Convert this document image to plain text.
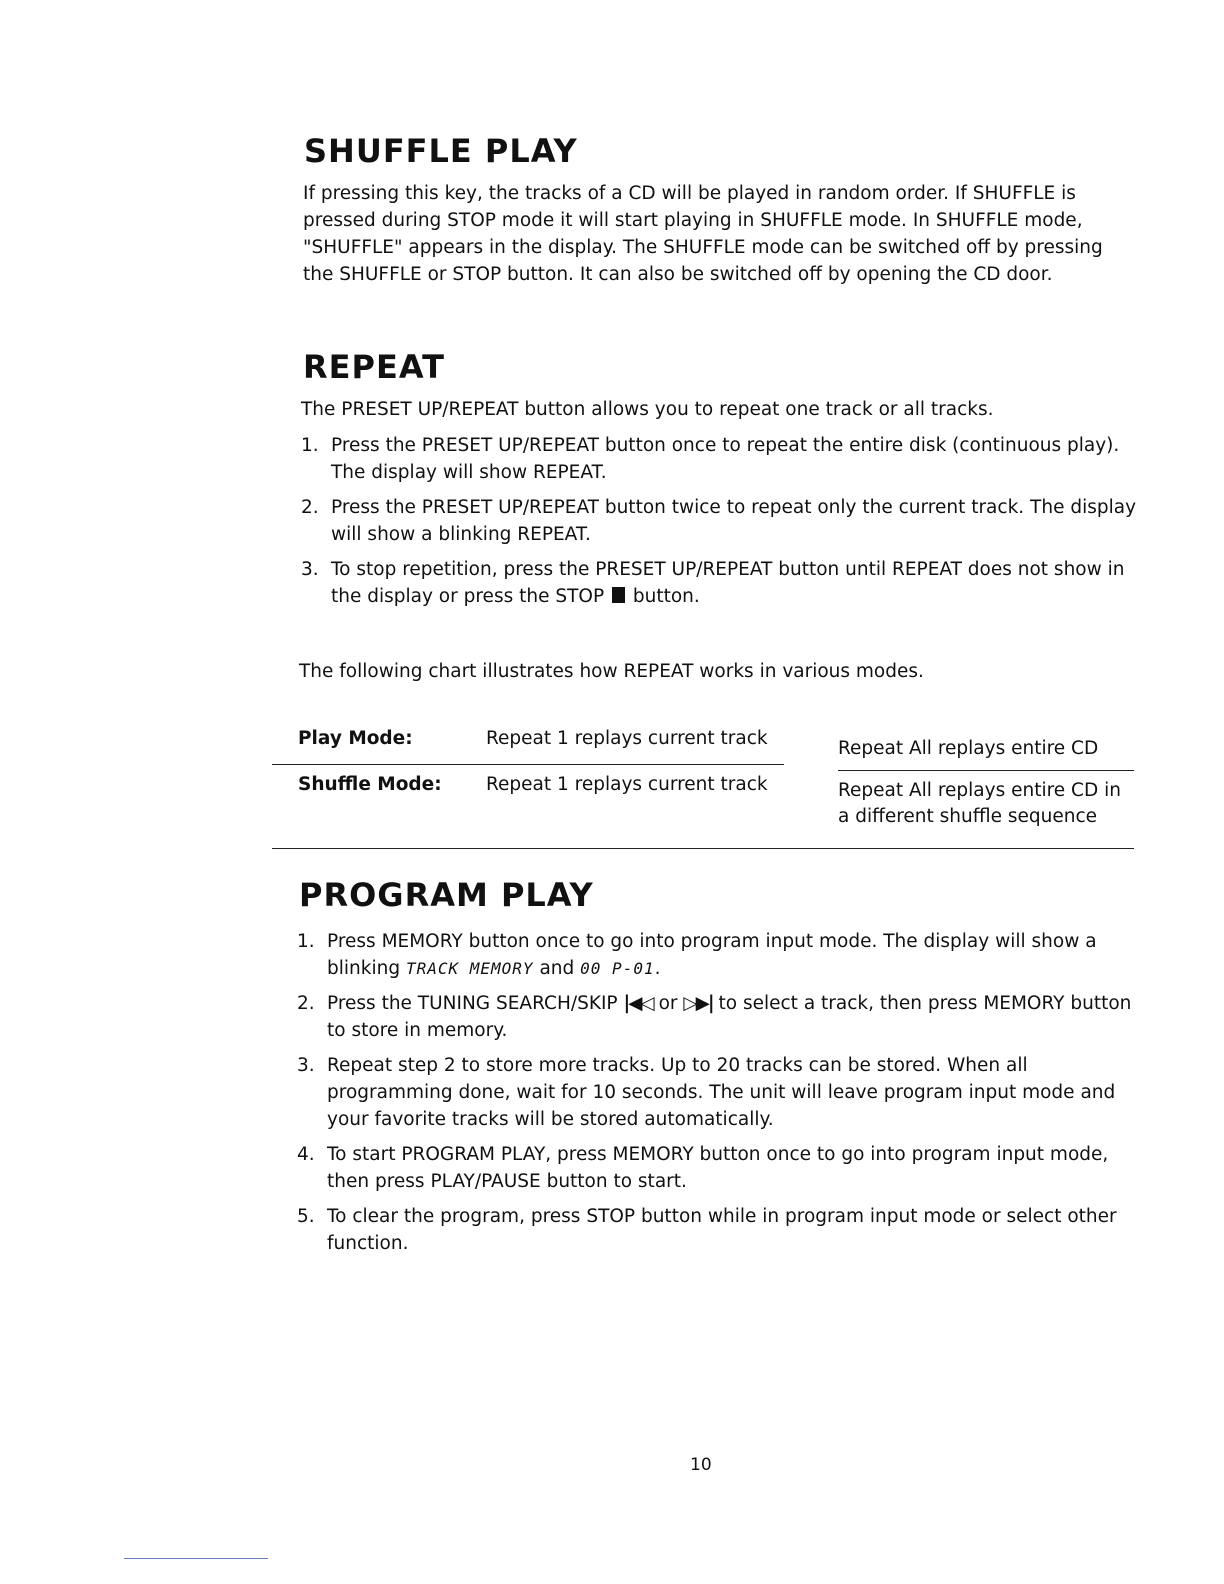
SHUFFLE PLAY

If pressing this key, the tracks of a CD will be played in random order. If SHUFFLE is pressed during STOP mode it will start playing in SHUFFLE mode. In SHUFFLE mode, "SHUFFLE" appears in the display. The SHUFFLE mode can be switched off by pressing the SHUFFLE or STOP button. It can also be switched off by opening the CD door.

REPEAT

The PRESET UP/REPEAT button allows you to repeat one track or all tracks.

1. Press the PRESET UP/REPEAT button once to repeat the entire disk (continuous play). The display will show REPEAT.
2. Press the PRESET UP/REPEAT button twice to repeat only the current track. The display will show a blinking REPEAT.
3. To stop repetition, press the PRESET UP/REPEAT button until REPEAT does not show in the display or press the STOP button.

The following chart illustrates how REPEAT works in various modes.

Play Mode:	Repeat 1 replays current track	Repeat All replays entire CD
Shuffle Mode: Repeat 1 replays current track	Repeat All replays entire CD in a different shuffle sequence
PROGRAM PLAY
1. Press MEMORY button once to go into program input mode. The display will show a blinking TRACK MEMORY and 00 P-01.
2. Press the TUNING SEARCH/SKIP |◀◁ or ▷▶| to select a track, then press MEMORY button to store in memory.
3. Repeat step 2 to store more tracks. Up to 20 tracks can be stored. When all programming done, wait for 10 seconds. The unit will leave program input mode and your favorite tracks will be stored automatically.
4. To start PROGRAM PLAY, press MEMORY button once to go into program input mode, then press PLAY/PAUSE button to start.
5. To clear the program, press STOP button while in program input mode or select other function.
10
